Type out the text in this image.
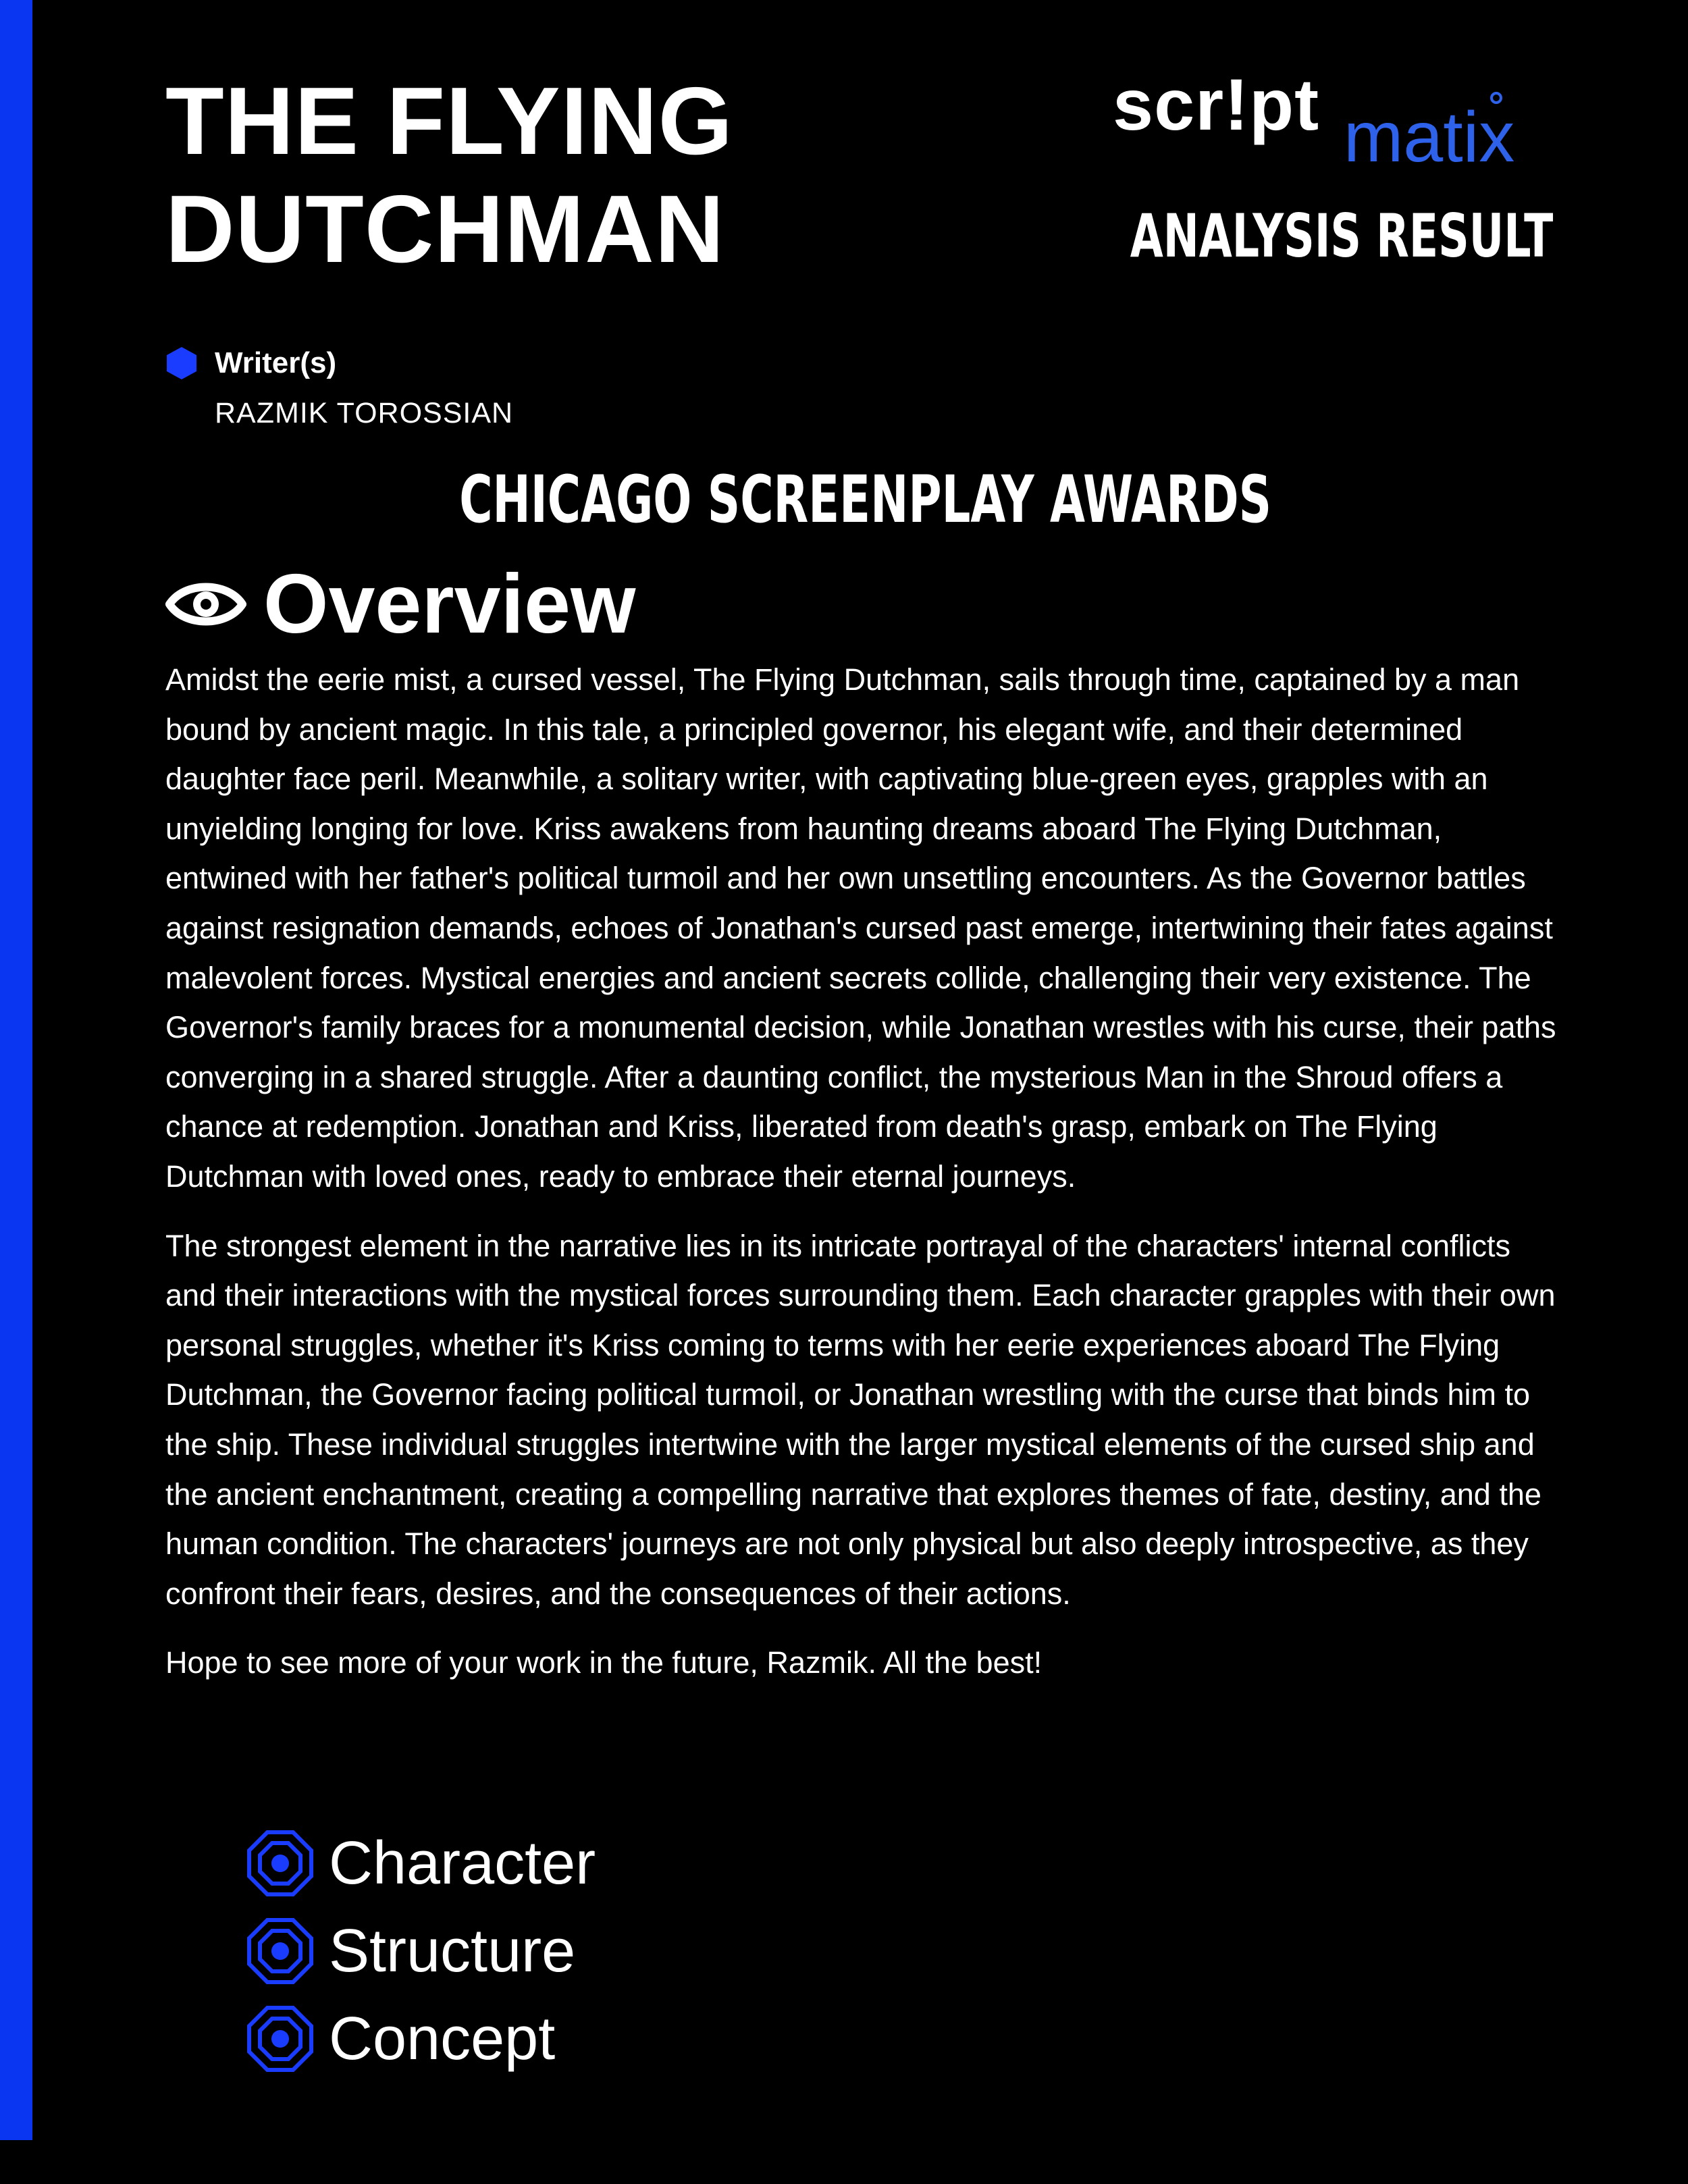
THE FLYING
DUTCHMAN
scr!pt matix
ANALYSIS RESULT
Writer(s)
RAZMIK TOROSSIAN
CHICAGO SCREENPLAY AWARDS
Overview

Amidst the eerie mist, a cursed vessel, The Flying Dutchman, sails through time, captained by a man bound by ancient magic. In this tale, a principled governor, his elegant wife, and their determined daughter face peril. Meanwhile, a solitary writer, with captivating blue-green eyes, grapples with an unyielding longing for love. Kriss awakens from haunting dreams aboard The Flying Dutchman, entwined with her father's political turmoil and her own unsettling encounters. As the Governor battles against resignation demands, echoes of Jonathan's cursed past emerge, intertwining their fates against malevolent forces. Mystical energies and ancient secrets collide, challenging their very existence. The Governor's family braces for a monumental decision, while Jonathan wrestles with his curse, their paths converging in a shared struggle. After a daunting conflict, the mysterious Man in the Shroud offers a chance at redemption. Jonathan and Kriss, liberated from death's grasp, embark on The Flying Dutchman with loved ones, ready to embrace their eternal journeys.

The strongest element in the narrative lies in its intricate portrayal of the characters' internal conflicts and their interactions with the mystical forces surrounding them. Each character grapples with their own personal struggles, whether it's Kriss coming to terms with her eerie experiences aboard The Flying Dutchman, the Governor facing political turmoil, or Jonathan wrestling with the curse that binds him to the ship. These individual struggles intertwine with the larger mystical elements of the cursed ship and the ancient enchantment, creating a compelling narrative that explores themes of fate, destiny, and the human condition. The characters' journeys are not only physical but also deeply introspective, as they confront their fears, desires, and the consequences of their actions.

Hope to see more of your work in the future, Razmik. All the best!

Character
Structure
Concept
